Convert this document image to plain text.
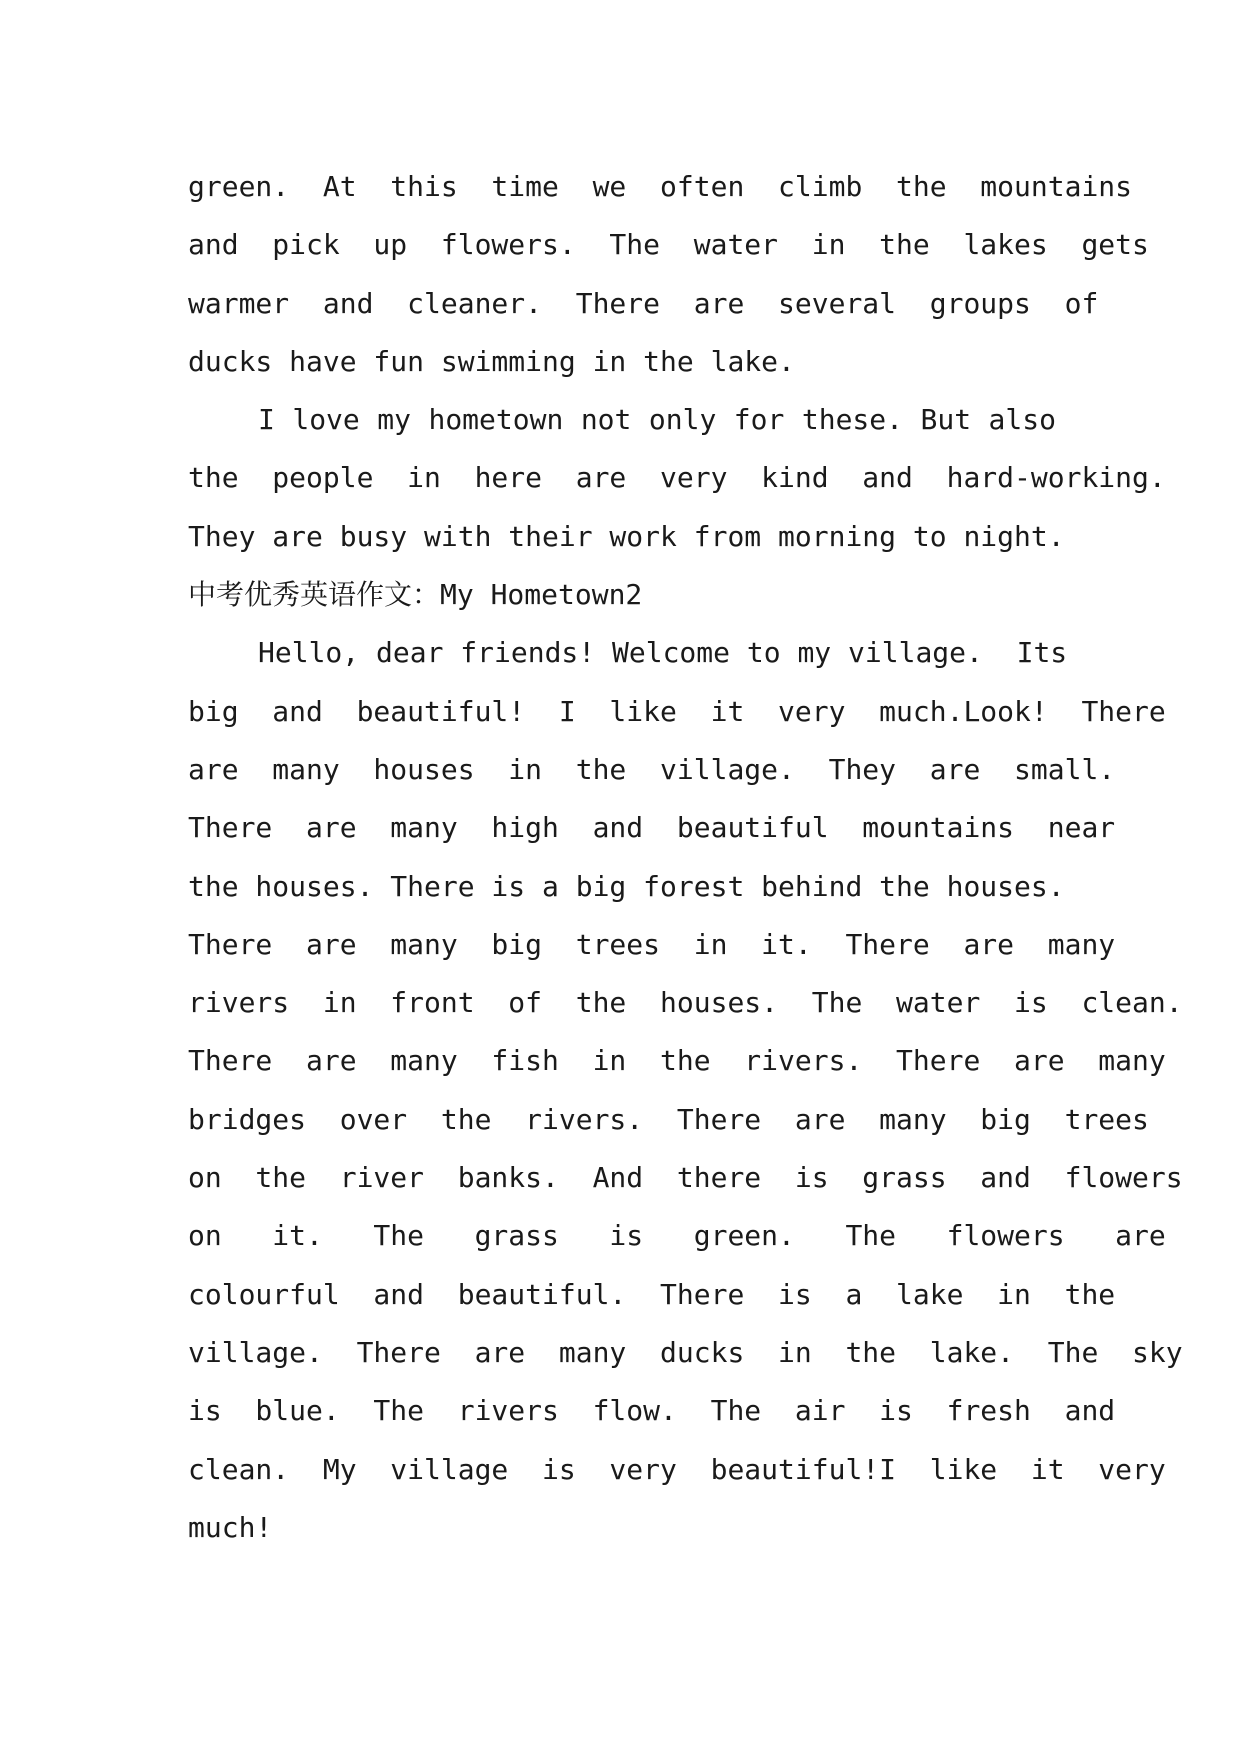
green.  At  this  time  we  often  climb  the  mountains
and  pick  up  flowers.  The  water  in  the  lakes  gets
warmer  and  cleaner.  There  are  several  groups  of
ducks have fun swimming in the lake.
I love my hometown not only for these. But also
the  people  in  here  are  very  kind  and  hard-working.
They are busy with their work from morning to night.
中考优秀英语作文：My Hometown2
Hello, dear friends! Welcome to my village.  Its
big  and  beautiful!  I  like  it  very  much.Look!  There
are  many  houses  in  the  village.  They  are  small.
There  are  many  high  and  beautiful  mountains  near
the houses. There is a big forest behind the houses.
There  are  many  big  trees  in  it.  There  are  many
rivers  in  front  of  the  houses.  The  water  is  clean.
There  are  many  fish  in  the  rivers.  There  are  many
bridges  over  the  rivers.  There  are  many  big  trees
on  the  river  banks.  And  there  is  grass  and  flowers
on   it.   The   grass   is   green.   The   flowers   are
colourful  and  beautiful.  There  is  a  lake  in  the
village.  There  are  many  ducks  in  the  lake.  The  sky
is  blue.  The  rivers  flow.  The  air  is  fresh  and
clean.  My  village  is  very  beautiful!I  like  it  very
much!
